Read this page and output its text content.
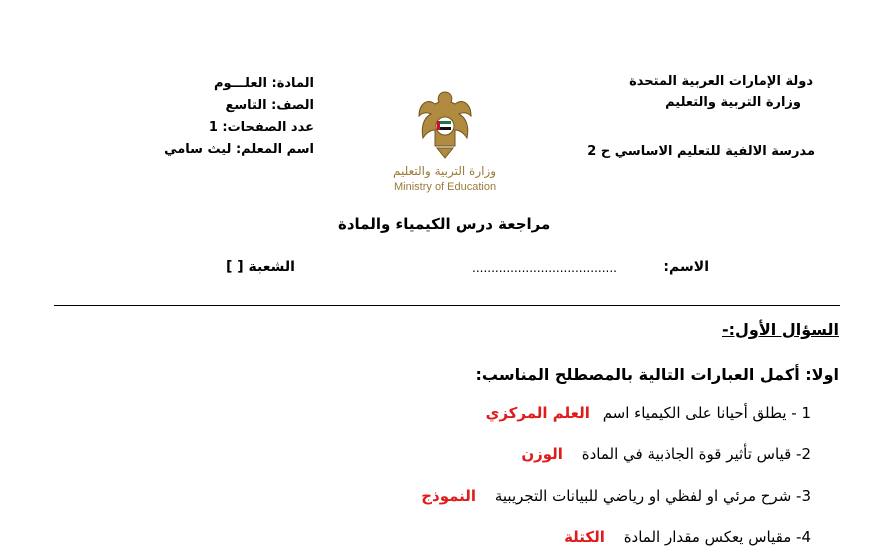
دولة الإمارات العربية المتحدة
وزارة التربية والتعليم
مدرسة الالفية للتعليم الاساسي ح 2
المادة: العلـــوم
الصف: التاسع
عدد الصفحات: 1
اسم المعلم: ليث سامي
وزارة التربية والتعليم
Ministry of Education
مراجعة درس الكيمياء والمادة
الاسم:
......................................
الشعبة [ ]
السؤال الأول:-
اولا: أكمل العبارات التالية بالمصطلح المناسب:
1 - يطلق أحيانا على الكيمياء اسم العلم المركزي
2- قياس تأثير قوة الجاذبية في المادة الوزن
3- شرح مرئي او لفظي او رياضي للبيانات التجريبية النموذج
4- مقياس يعكس مقدار المادة الكتلة
